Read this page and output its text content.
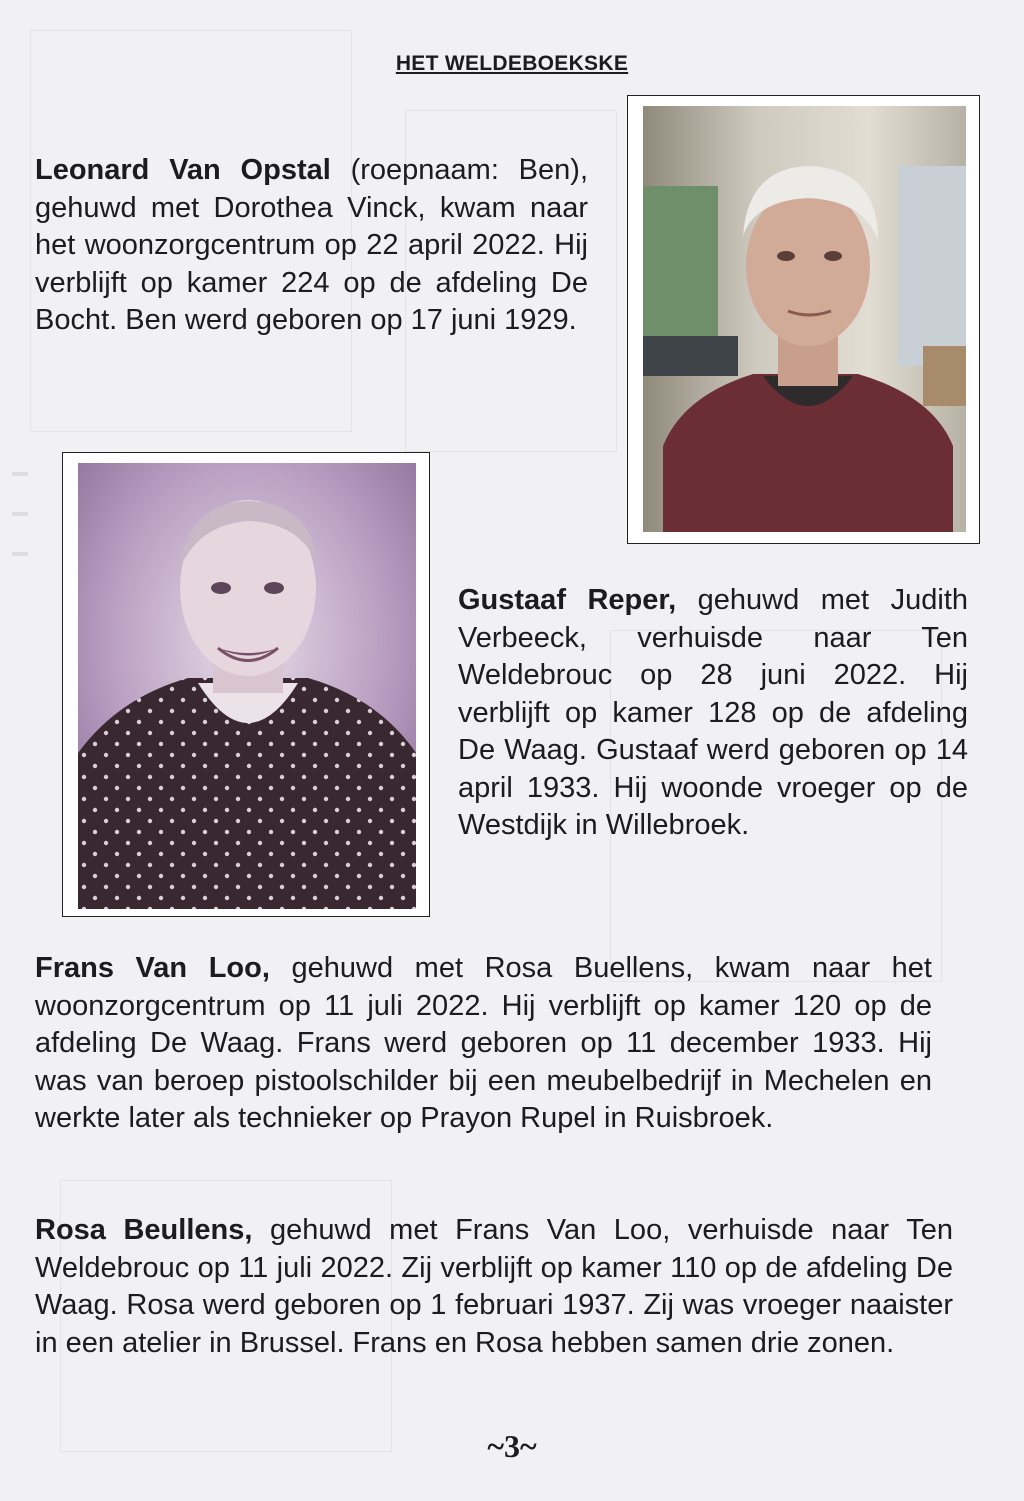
HET WELDEBOEKSKE

Leonard Van Opstal (roepnaam: Ben), gehuwd met Dorothea Vinck, kwam naar het woonzorgcentrum op 22 april 2022. Hij verblijft op kamer 224 op de afdeling De Bocht. Ben werd geboren op 17 juni 1929.

Gustaaf Reper, gehuwd met Judith Verbeeck, verhuisde naar Ten Weldebrouc op 28 juni 2022. Hij verblijft op kamer 128 op de afdeling De Waag. Gustaaf werd geboren op 14 april 1933. Hij woonde vroeger op de Westdijk in Willebroek.

Frans Van Loo, gehuwd met Rosa Buellens, kwam naar het woonzorgcentrum op 11 juli 2022. Hij verblijft op kamer 120 op de afdeling De Waag. Frans werd geboren op 11 december 1933. Hij was van beroep pistoolschilder bij een meubelbedrijf in Mechelen en werkte later als technieker op Prayon Rupel in Ruisbroek.

Rosa Beullens, gehuwd met Frans Van Loo, verhuisde naar Ten Weldebrouc op 11 juli 2022. Zij verblijft op kamer 110 op de afdeling De Waag. Rosa werd geboren op 1 februari 1937. Zij was vroeger naaister in een atelier in Brussel. Frans en Rosa hebben samen drie zonen.

~3~
